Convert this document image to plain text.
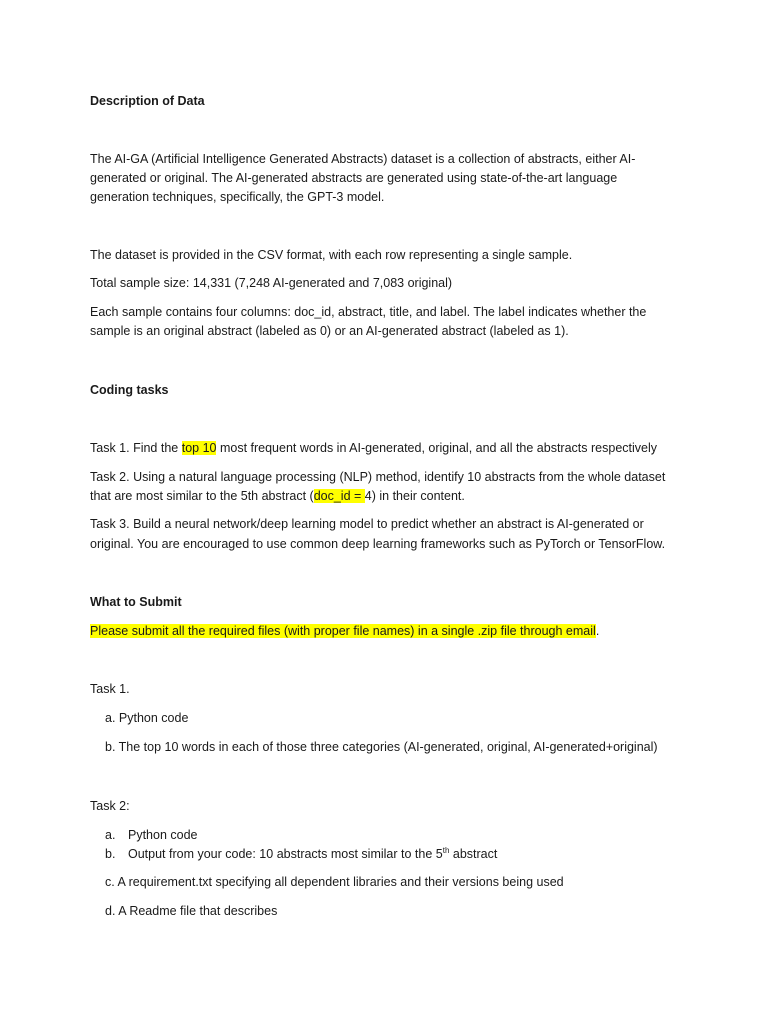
Description of Data
The AI-GA (Artificial Intelligence Generated Abstracts) dataset is a collection of abstracts, either AI-
generated or original. The AI-generated abstracts are generated using state-of-the-art language
generation techniques, specifically, the GPT-3 model.
The dataset is provided in the CSV format, with each row representing a single sample.
Total sample size: 14,331 (7,248 AI-generated and 7,083 original)
Each sample contains four columns: doc_id, abstract, title, and label. The label indicates whether the
sample is an original abstract (labeled as 0) or an AI-generated abstract (labeled as 1).
Coding tasks
Task 1. Find the top 10 most frequent words in AI-generated, original, and all the abstracts respectively
Task 2. Using a natural language processing (NLP) method, identify 10 abstracts from the whole dataset
that are most similar to the 5th abstract (doc_id = 4) in their content.
Task 3. Build a neural network/deep learning model to predict whether an abstract is AI-generated or
original. You are encouraged to use common deep learning frameworks such as PyTorch or TensorFlow.
What to Submit
Please submit all the required files (with proper file names) in a single .zip file through email.
Task 1.
a. Python code
b. The top 10 words in each of those three categories (AI-generated, original, AI-generated+original)
Task 2:
a. Python code
b. Output from your code: 10 abstracts most similar to the 5th abstract
c. A requirement.txt specifying all dependent libraries and their versions being used
d. A Readme file that describes
